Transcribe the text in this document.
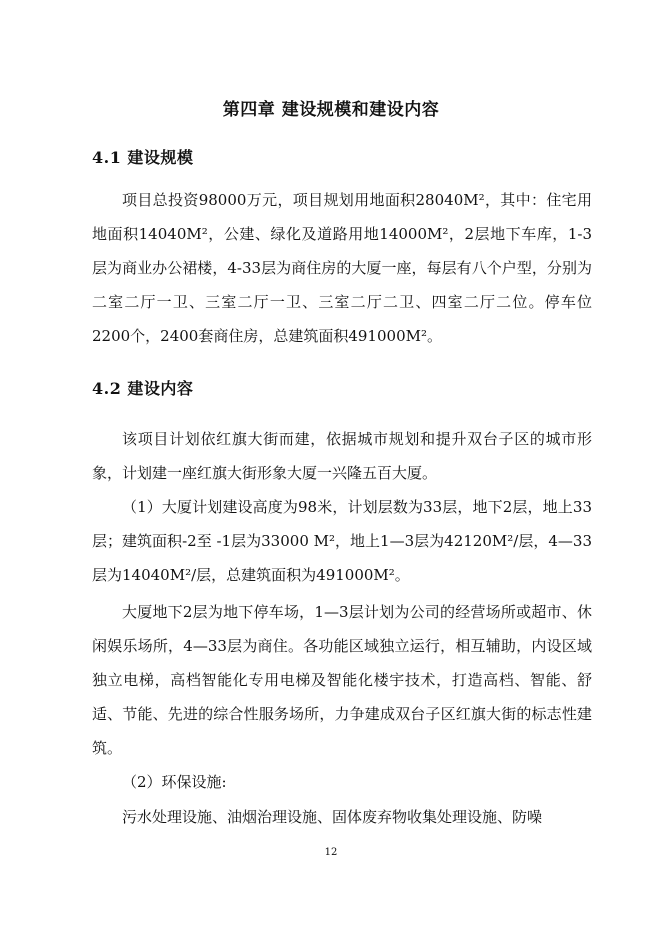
第四章 建设规模和建设内容
4.1 建设规模
项目总投资98000万元，项目规划用地面积28040M²，其中：住宅用地面积14040M²，公建、绿化及道路用地14000M²，2层地下车库，1-3层为商业办公裙楼，4-33层为商住房的大厦一座，每层有八个户型，分别为二室二厅一卫、三室二厅一卫、三室二厅二卫、四室二厅二位。停车位2200个，2400套商住房，总建筑面积491000M²。
4.2 建设内容
该项目计划依红旗大街而建，依据城市规划和提升双台子区的城市形象，计划建一座红旗大街形象大厦一兴隆五百大厦。
（1）大厦计划建设高度为98米，计划层数为33层，地下2层，地上33层；建筑面积-2至 -1层为33000 M²，地上1—3层为42120M²/层，4—33层为14040M²/层，总建筑面积为491000M²。
大厦地下2层为地下停车场，1—3层计划为公司的经营场所或超市、休闲娱乐场所，4—33层为商住。各功能区域独立运行，相互辅助，内设区域独立电梯，高档智能化专用电梯及智能化楼宇技术，打造高档、智能、舒适、节能、先进的综合性服务场所，力争建成双台子区红旗大街的标志性建筑。
（2）环保设施:
污水处理设施、油烟治理设施、固体废弃物收集处理设施、防噪
12
